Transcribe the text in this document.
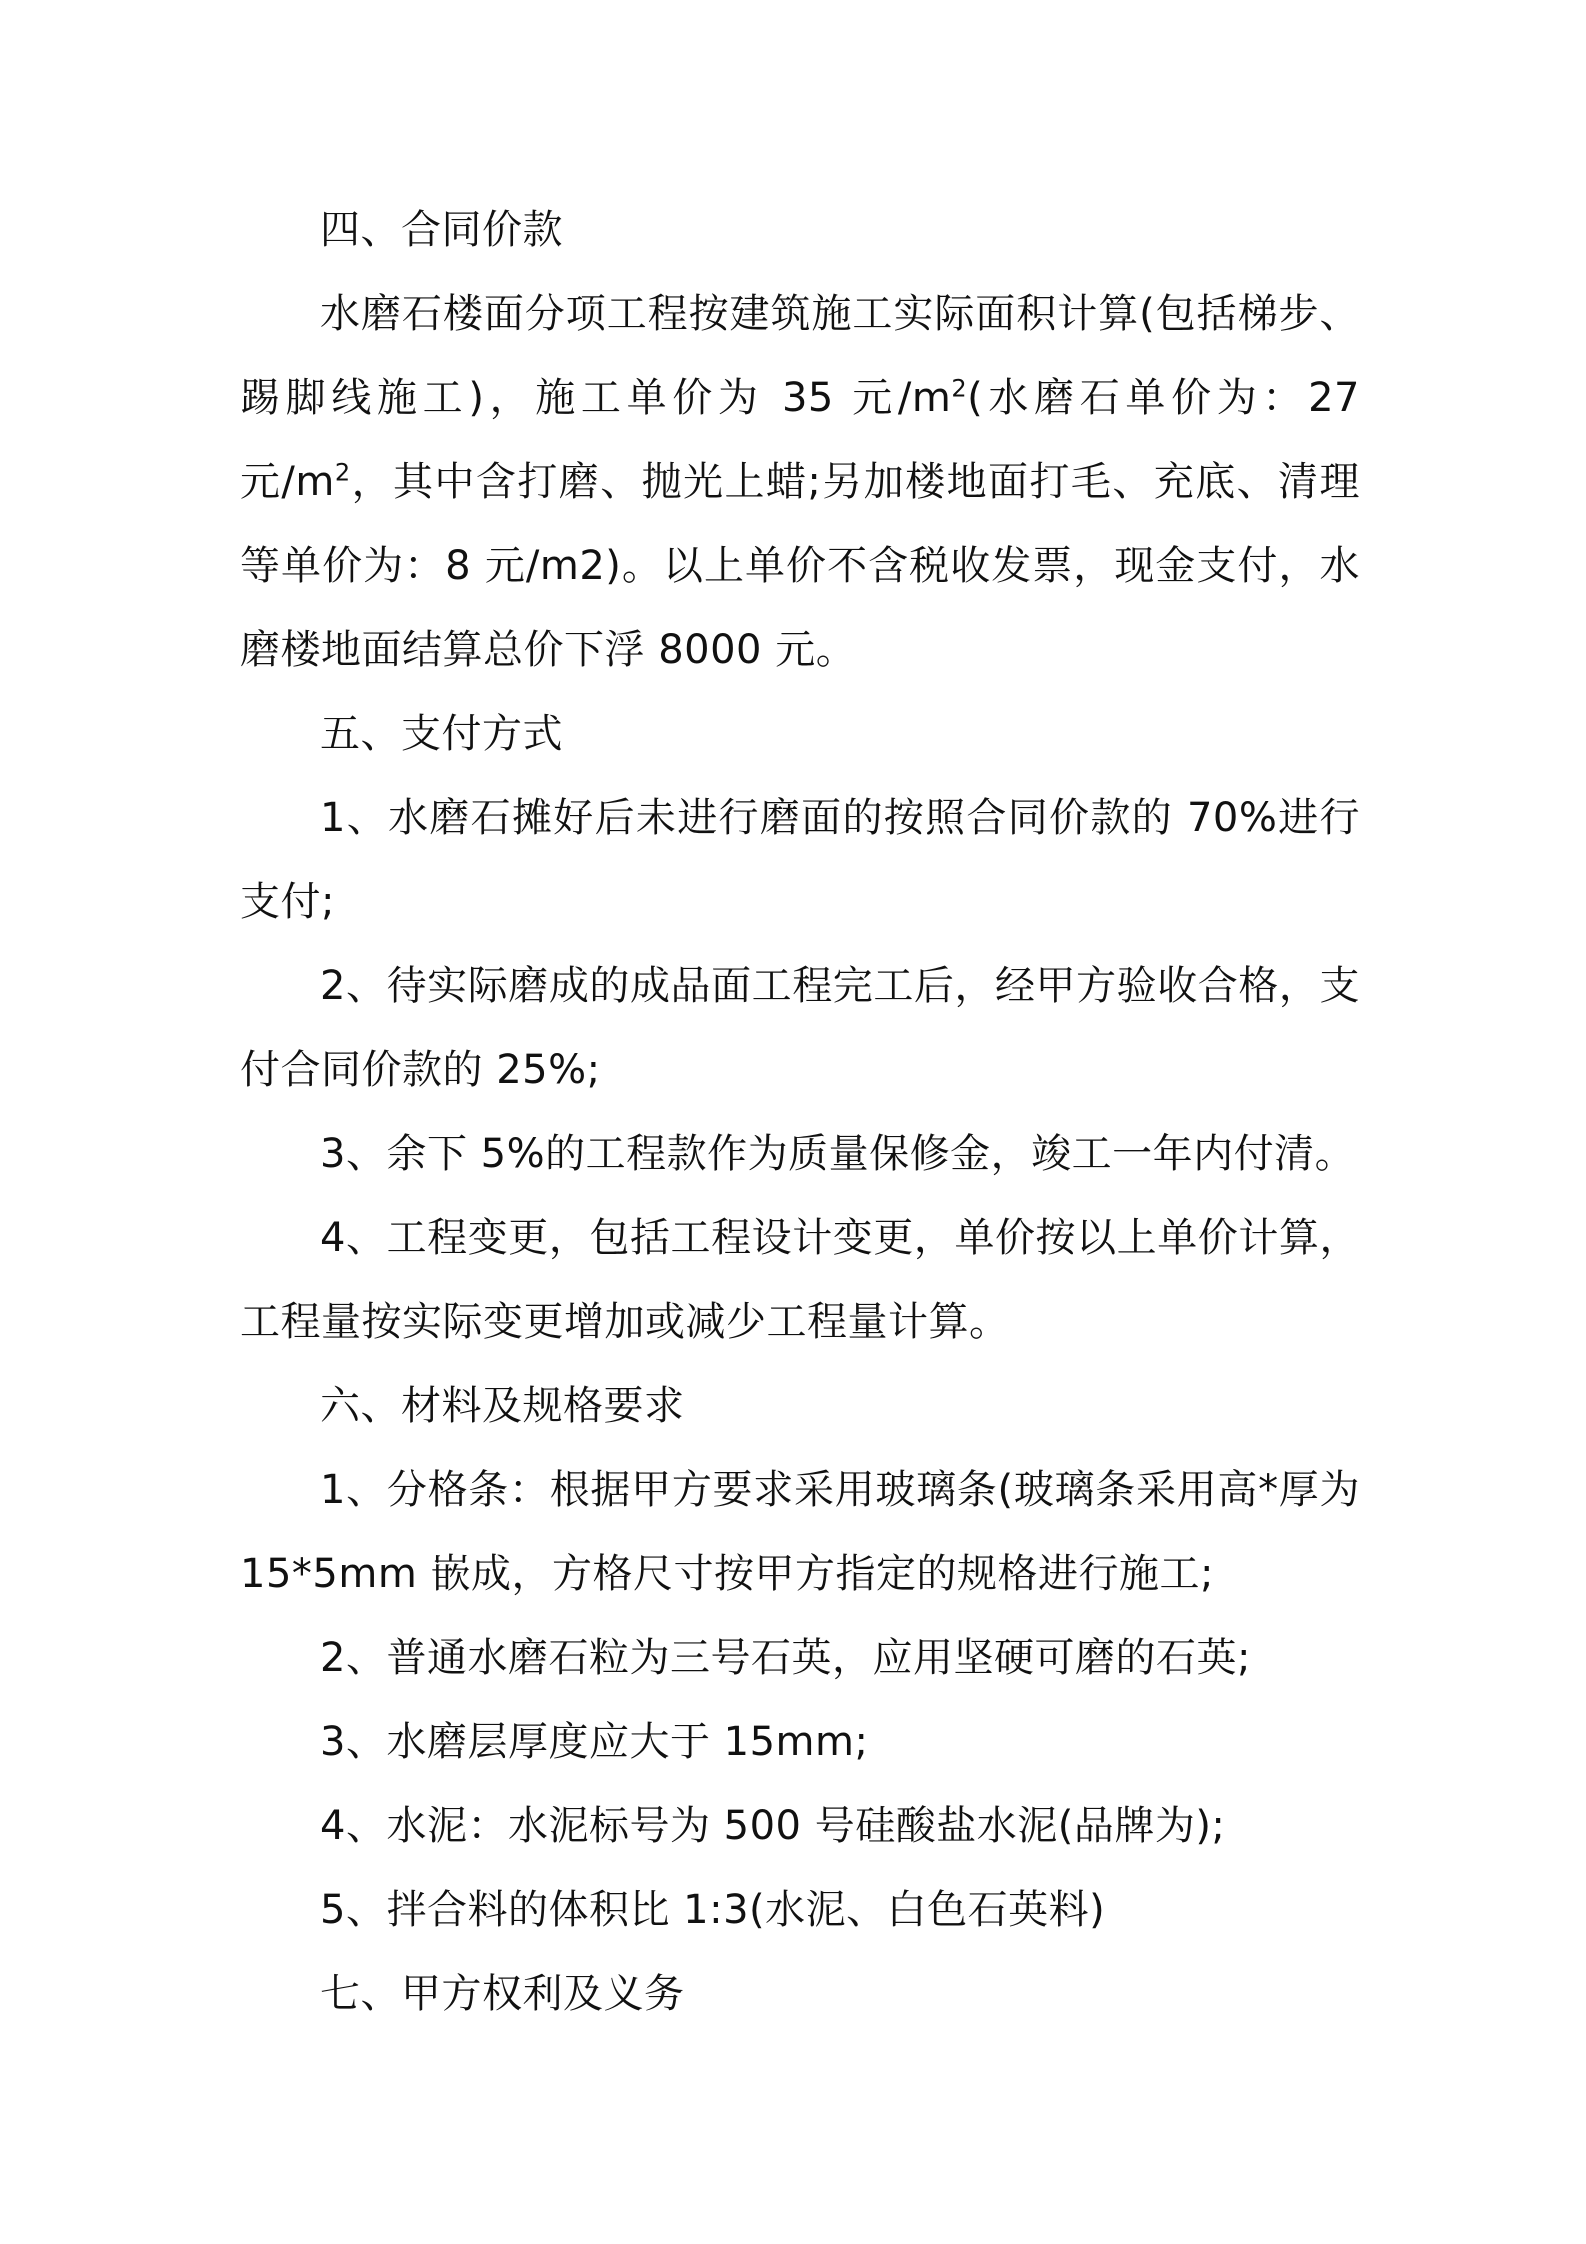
四、合同价款

水磨石楼面分项工程按建筑施工实际面积计算(包括梯步、踢脚线施工)，施工单价为 35 元$/m^2$(水磨石单价为：27 元$/m^2$，其中含打磨、抛光上蜡;另加楼地面打毛、充底、清理等单价为：8 元/m2)。以上单价不含税收发票，现金支付，水磨楼地面结算总价下浮 8000 元。

五、支付方式

1、水磨石摊好后未进行磨面的按照合同价款的 70%进行支付;

2、待实际磨成的成品面工程完工后，经甲方验收合格，支付合同价款的 25%;

3、余下 5%的工程款作为质量保修金，竣工一年内付清。

4、工程变更，包括工程设计变更，单价按以上单价计算，工程量按实际变更增加或减少工程量计算。

六、材料及规格要求

1、分格条：根据甲方要求采用玻璃条(玻璃条采用高*厚为 15*5mm 嵌成，方格尺寸按甲方指定的规格进行施工;

2、普通水磨石粒为三号石英，应用坚硬可磨的石英;

3、水磨层厚度应大于 15mm;

4、水泥：水泥标号为 500 号硅酸盐水泥(品牌为);

5、拌合料的体积比 1:3(水泥、白色石英料)

七、甲方权利及义务
